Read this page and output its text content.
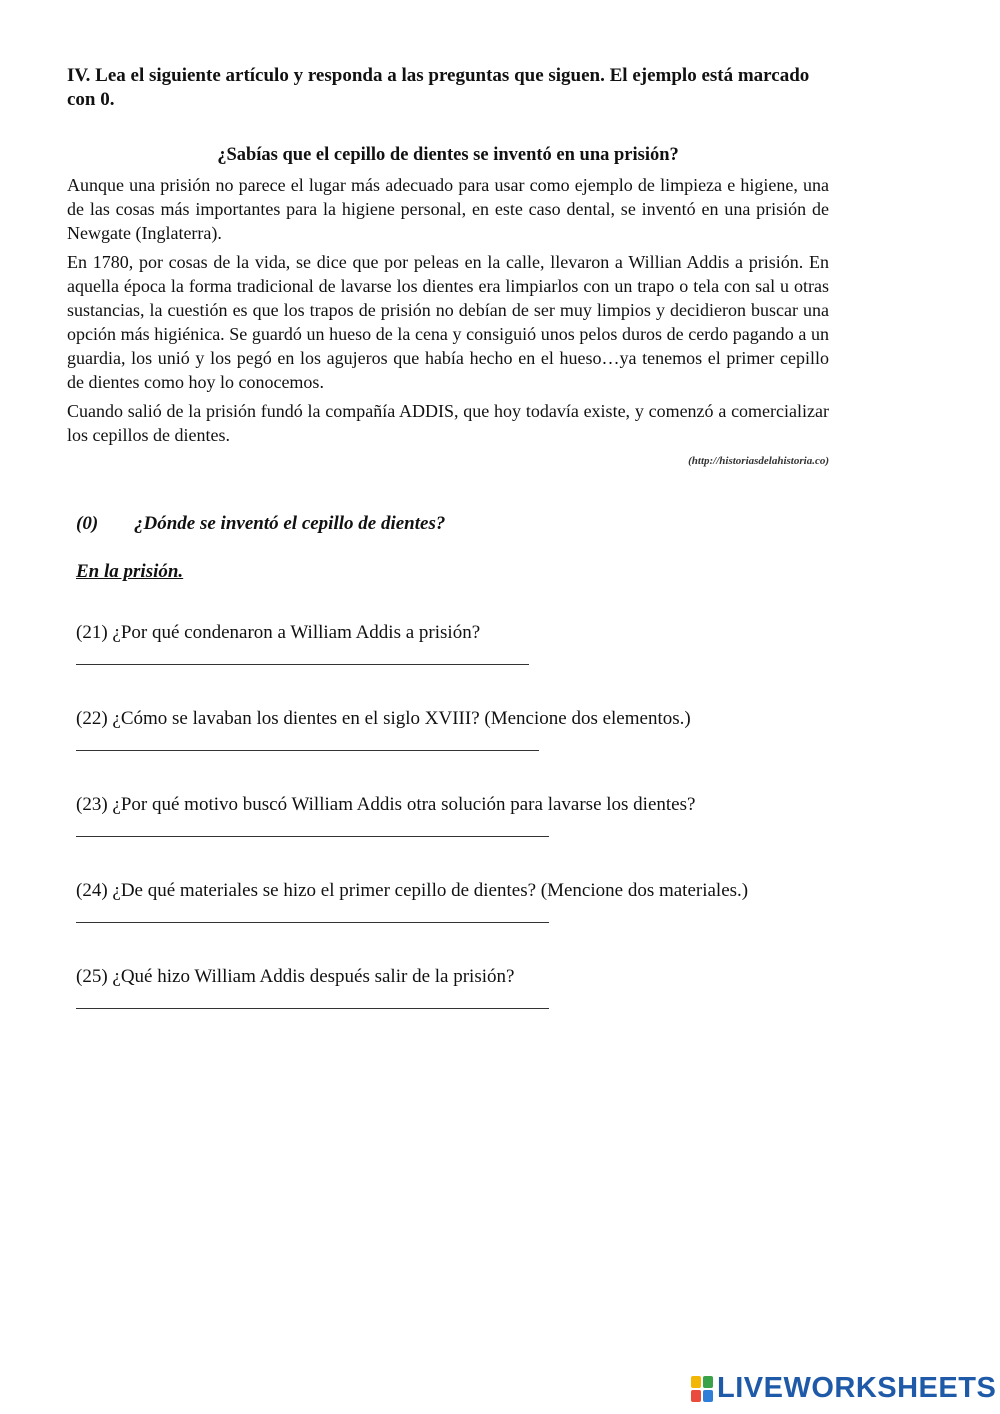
IV. Lea el siguiente artículo y responda a las preguntas que siguen. El ejemplo está marcado con 0.

¿Sabías que el cepillo de dientes se inventó en una prisión?

Aunque una prisión no parece el lugar más adecuado para usar como ejemplo de limpieza e higiene, una de las cosas más importantes para la higiene personal, en este caso dental, se inventó en una prisión de Newgate (Inglaterra).

En 1780, por cosas de la vida, se dice que por peleas en la calle, llevaron a Willian Addis a prisión. En aquella época la forma tradicional de lavarse los dientes era limpiarlos con un trapo o tela con sal u otras sustancias, la cuestión es que los trapos de prisión no debían de ser muy limpios y decidieron buscar una opción más higiénica. Se guardó un hueso de la cena y consiguió unos pelos duros de cerdo pagando a un guardia, los unió y los pegó en los agujeros que había hecho en el hueso…ya tenemos el primer cepillo de dientes como hoy lo conocemos.

Cuando salió de la prisión fundó la compañía ADDIS, que hoy todavía existe, y comenzó a comercializar los cepillos de dientes.

(http://historiasdelahistoria.co)
(0)	¿Dónde se inventó el cepillo de dientes?
En la prisión.

(21) ¿Por qué condenaron a William Addis a prisión?

(22) ¿Cómo se lavaban los dientes en el siglo XVIII? (Mencione dos elementos.)

(23) ¿Por qué motivo buscó William Addis otra solución para lavarse los dientes?

(24) ¿De qué materiales se hizo el primer cepillo de dientes? (Mencione dos materiales.)

(25) ¿Qué hizo William Addis después salir de la prisión?

LIVEWORKSHEETS
